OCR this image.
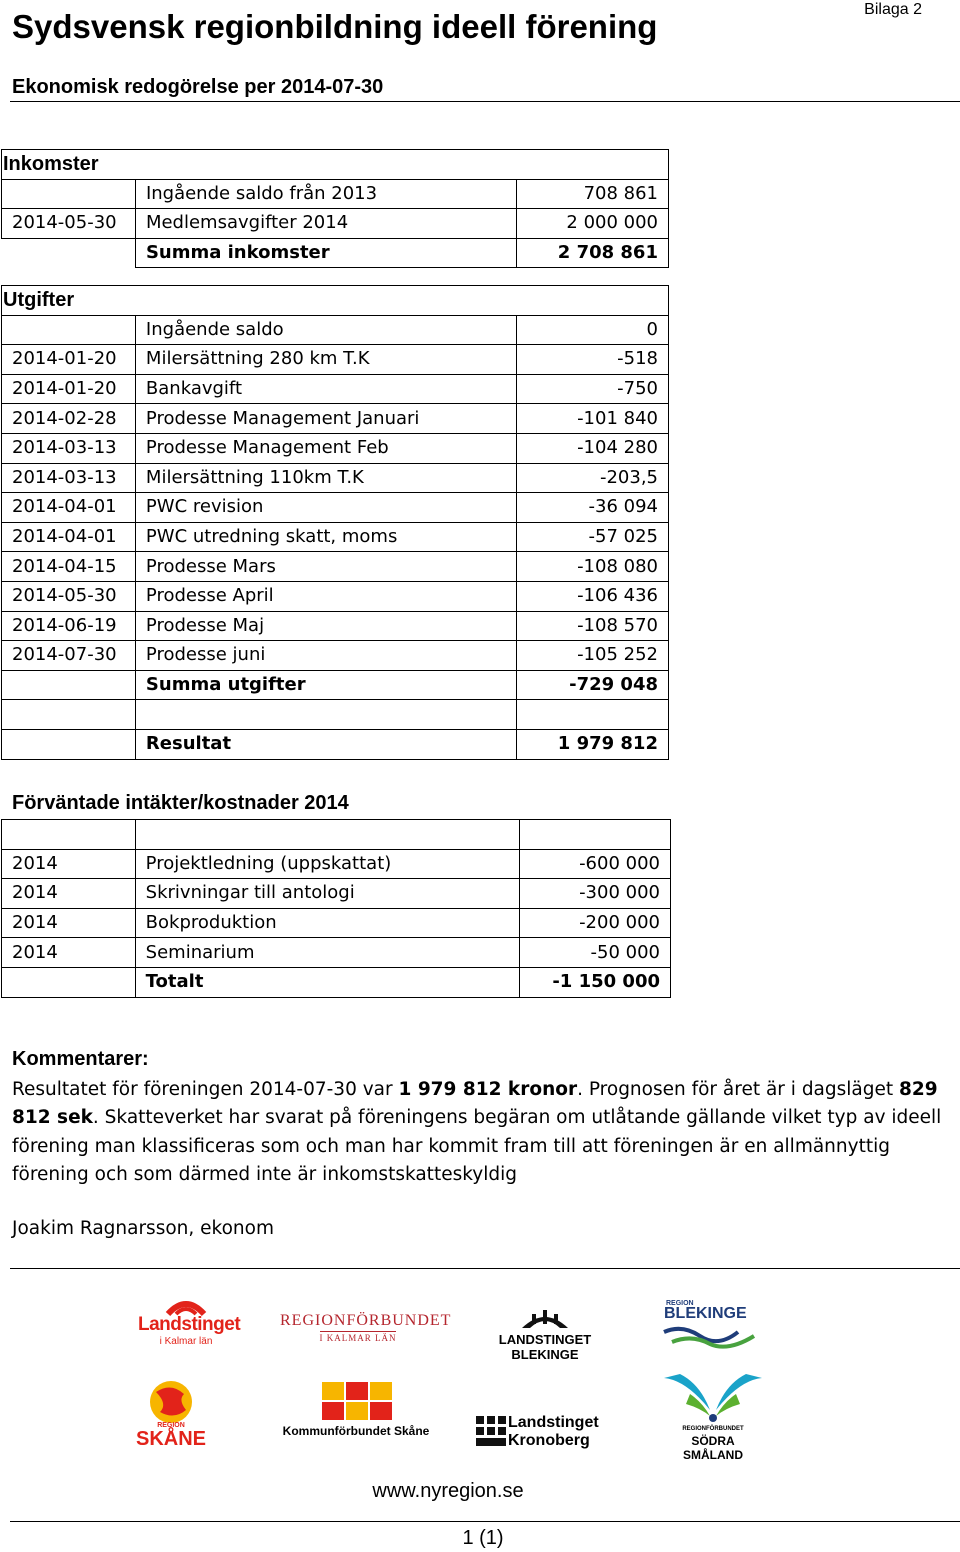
Bilaga 2
Sydsvensk regionbildning ideell förening
Ekonomisk redogörelse per 2014-07-30
Inkomster		
	Ingående saldo från 2013	708 861
2014-05-30	Medlemsavgifter 2014	2 000 000
	Summa inkomster	2 708 861
Utgifter		
	Ingående saldo	0
2014-01-20	Milersättning 280 km T.K	-518
2014-01-20	Bankavgift	-750
2014-02-28	Prodesse Management Januari	-101 840
2014-03-13	Prodesse Management Feb	-104 280
2014-03-13	Milersättning 110km T.K	-203,5
2014-04-01	PWC revision	-36 094
2014-04-01	PWC utredning skatt, moms	-57 025
2014-04-15	Prodesse Mars	-108 080
2014-05-30	Prodesse April	-106 436
2014-06-19	Prodesse Maj	-108 570
2014-07-30	Prodesse juni	-105 252
	Summa utgifter	-729 048

	Resultat	1 979 812
Förväntade intäkter/kostnader 2014

2014	Projektledning (uppskattat)	-600 000
2014	Skrivningar till antologi	-300 000
2014	Bokproduktion	-200 000
2014	Seminarium	-50 000
	Totalt	-1 150 000
Kommentarer:
Resultatet för föreningen 2014-07-30 var 1 979 812 kronor. Prognosen för året är i dagsläget 829 812 sek. Skatteverket har svarat på föreningens begäran om utlåtande gällande vilket typ av ideell förening man klassificeras som och man har kommit fram till att föreningen är en allmännyttig förening och som därmed inte är inkomstskatteskyldig
Joakim Ragnarsson, ekonom
Landstinget
i Kalmar län
REGIONFÖRBUNDET
I KALMAR LÄN	LANDSTINGET BLEKINGE
REGION
BLEKINGE
REGION
SKÅNE	Kommunförbundet Skåne	Landstinget
Kronoberg
REGIONFÖRBUNDET
SÖDRA SMÅLAND
www.nyregion.se
1 (1)
